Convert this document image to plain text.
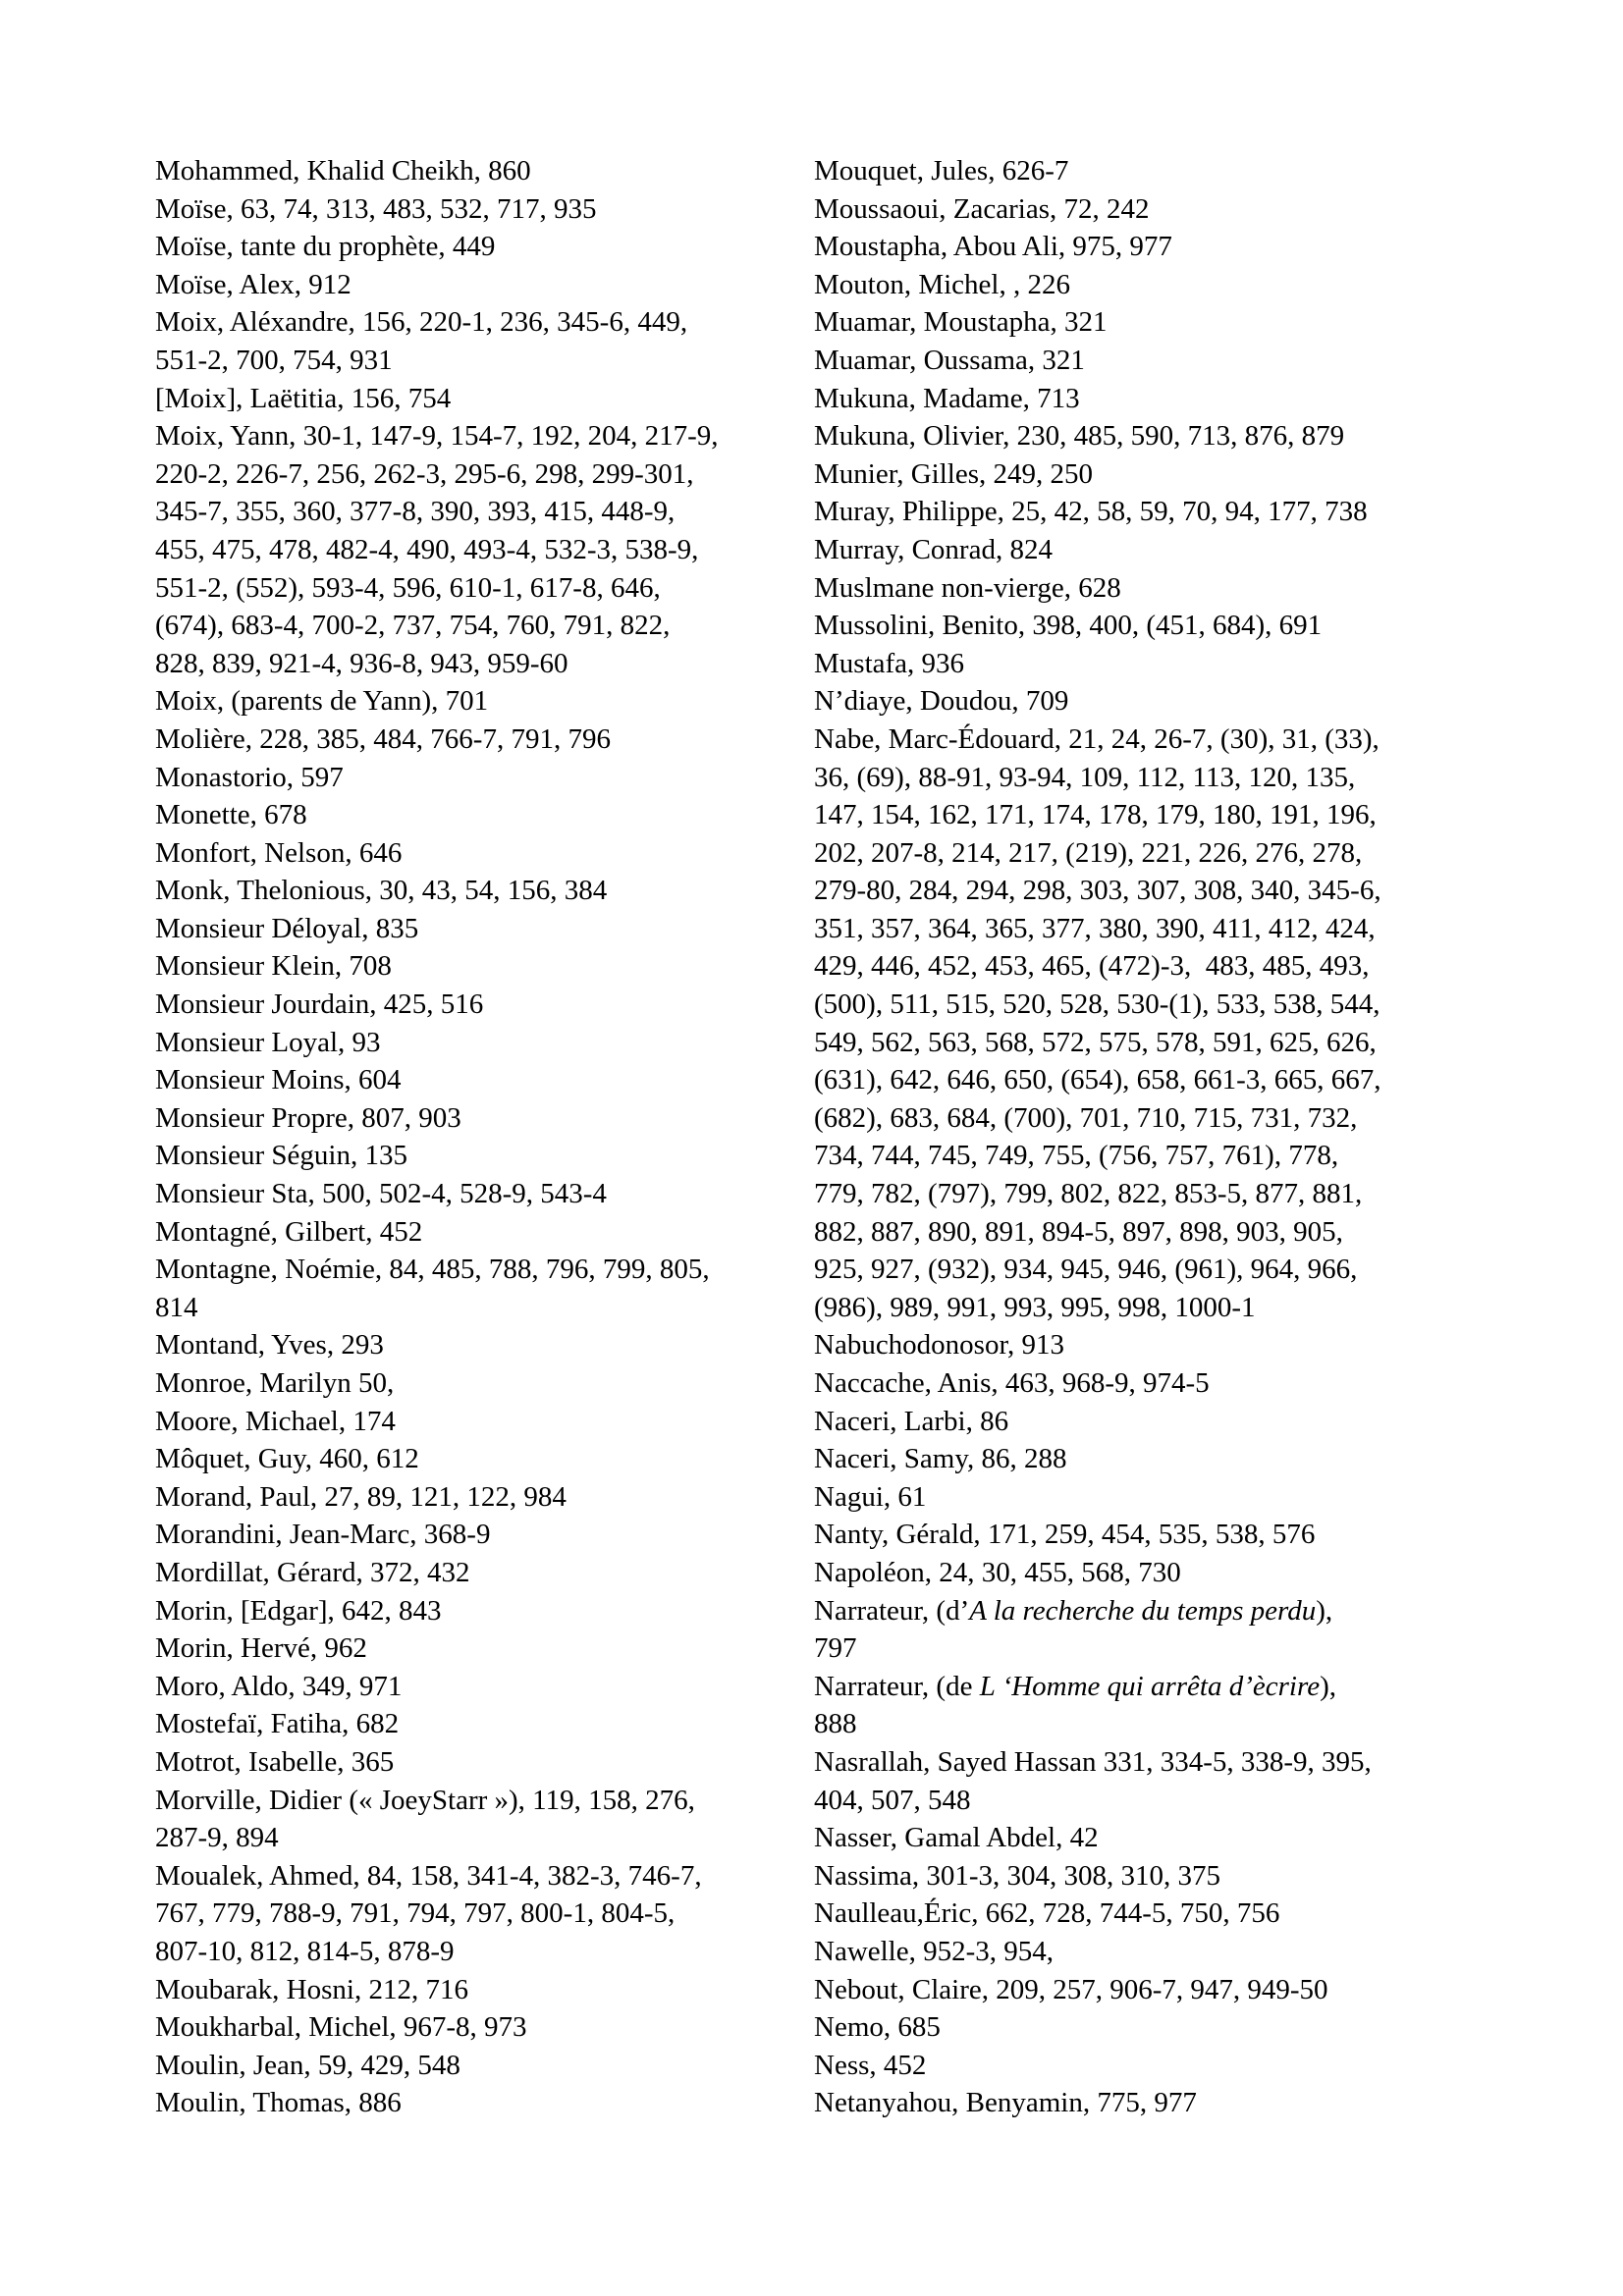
Mohammed, Khalid Cheikh, 860
Moïse, 63, 74, 313, 483, 532, 717, 935
Moïse, tante du prophète, 449
Moïse, Alex, 912
Moix, Aléxandre, 156, 220-1, 236, 345-6, 449,
551-2, 700, 754, 931
[Moix], Laëtitia, 156, 754
Moix, Yann, 30-1, 147-9, 154-7, 192, 204, 217-9,
220-2, 226-7, 256, 262-3, 295-6, 298, 299-301,
345-7, 355, 360, 377-8, 390, 393, 415, 448-9,
455, 475, 478, 482-4, 490, 493-4, 532-3, 538-9,
551-2, (552), 593-4, 596, 610-1, 617-8, 646,
(674), 683-4, 700-2, 737, 754, 760, 791, 822,
828, 839, 921-4, 936-8, 943, 959-60
Moix, (parents de Yann), 701
Molière, 228, 385, 484, 766-7, 791, 796
Monastorio, 597
Monette, 678
Monfort, Nelson, 646
Monk, Thelonious, 30, 43, 54, 156, 384
Monsieur Déloyal, 835
Monsieur Klein, 708
Monsieur Jourdain, 425, 516
Monsieur Loyal, 93
Monsieur Moins, 604
Monsieur Propre, 807, 903
Monsieur Séguin, 135
Monsieur Sta, 500, 502-4, 528-9, 543-4
Montagné, Gilbert, 452
Montagne, Noémie, 84, 485, 788, 796, 799, 805,
814
Montand, Yves, 293
Monroe, Marilyn 50,
Moore, Michael, 174
Môquet, Guy, 460, 612
Morand, Paul, 27, 89, 121, 122, 984
Morandini, Jean-Marc, 368-9
Mordillat, Gérard, 372, 432
Morin, [Edgar], 642, 843
Morin, Hervé, 962
Moro, Aldo, 349, 971
Mostefaï, Fatiha, 682
Motrot, Isabelle, 365
Morville, Didier (« JoeyStarr »), 119, 158, 276,
287-9, 894
Moualek, Ahmed, 84, 158, 341-4, 382-3, 746-7,
767, 779, 788-9, 791, 794, 797, 800-1, 804-5,
807-10, 812, 814-5, 878-9
Moubarak, Hosni, 212, 716
Moukharbal, Michel, 967-8, 973
Moulin, Jean, 59, 429, 548
Moulin, Thomas, 886
Mouquet, Jules, 626-7
Moussaoui, Zacarias, 72, 242
Moustapha, Abou Ali, 975, 977
Mouton, Michel, , 226
Muamar, Moustapha, 321
Muamar, Oussama, 321
Mukuna, Madame, 713
Mukuna, Olivier, 230, 485, 590, 713, 876, 879
Munier, Gilles, 249, 250
Muray, Philippe, 25, 42, 58, 59, 70, 94, 177, 738
Murray, Conrad, 824
Muslmane non-vierge, 628
Mussolini, Benito, 398, 400, (451, 684), 691
Mustafa, 936
N’diaye, Doudou, 709
Nabe, Marc-Édouard, 21, 24, 26-7, (30), 31, (33),
36, (69), 88-91, 93-94, 109, 112, 113, 120, 135,
147, 154, 162, 171, 174, 178, 179, 180, 191, 196,
202, 207-8, 214, 217, (219), 221, 226, 276, 278,
279-80, 284, 294, 298, 303, 307, 308, 340, 345-6,
351, 357, 364, 365, 377, 380, 390, 411, 412, 424,
429, 446, 452, 453, 465, (472)-3,  483, 485, 493,
(500), 511, 515, 520, 528, 530-(1), 533, 538, 544,
549, 562, 563, 568, 572, 575, 578, 591, 625, 626,
(631), 642, 646, 650, (654), 658, 661-3, 665, 667,
(682), 683, 684, (700), 701, 710, 715, 731, 732,
734, 744, 745, 749, 755, (756, 757, 761), 778,
779, 782, (797), 799, 802, 822, 853-5, 877, 881,
882, 887, 890, 891, 894-5, 897, 898, 903, 905,
925, 927, (932), 934, 945, 946, (961), 964, 966,
(986), 989, 991, 993, 995, 998, 1000-1
Nabuchodonosor, 913
Naccache, Anis, 463, 968-9, 974-5
Naceri, Larbi, 86
Naceri, Samy, 86, 288
Nagui, 61
Nanty, Gérald, 171, 259, 454, 535, 538, 576
Napoléon, 24, 30, 455, 568, 730
Narrateur, (d’A la recherche du temps perdu),
797
Narrateur, (de L ‘Homme qui arrêta d’ècrire),
888
Nasrallah, Sayed Hassan 331, 334-5, 338-9, 395,
404, 507, 548
Nasser, Gamal Abdel, 42
Nassima, 301-3, 304, 308, 310, 375
Naulleau,Éric, 662, 728, 744-5, 750, 756
Nawelle, 952-3, 954,
Nebout, Claire, 209, 257, 906-7, 947, 949-50
Nemo, 685
Ness, 452
Netanyahou, Benyamin, 775, 977
